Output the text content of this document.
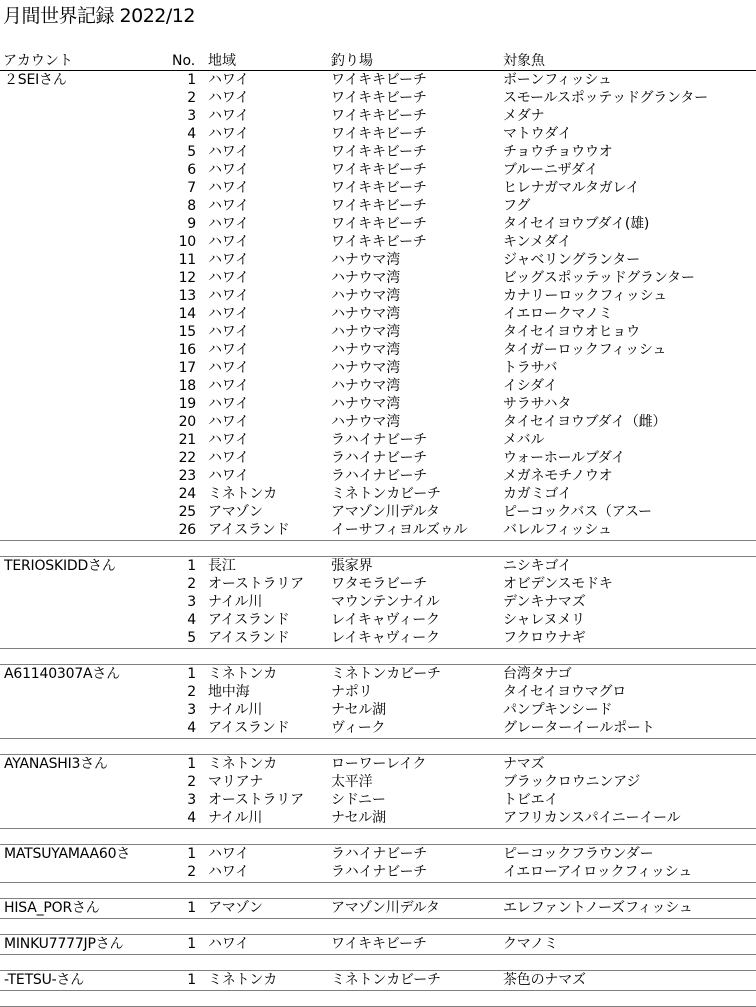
月間世界記録 2022/12
アカウント	No. 地域	釣り場	対象魚
２SEIさん	1 ハワイ	ワイキキビーチ	ボーンフィッシュ
2 ハワイ	ワイキキビーチ	スモールスポッテッドグランター
3 ハワイ	ワイキキビーチ	メダナ
4 ハワイ	ワイキキビーチ	マトウダイ
5 ハワイ	ワイキキビーチ	チョウチョウウオ
6 ハワイ	ワイキキビーチ	ブルーニザダイ
7 ハワイ	ワイキキビーチ	ヒレナガマルタガレイ
8 ハワイ	ワイキキビーチ	フグ
9 ハワイ	ワイキキビーチ	タイセイヨウブダイ(雄)
10 ハワイ	ワイキキビーチ	キンメダイ
11 ハワイ	ハナウマ湾	ジャベリングランター
12 ハワイ	ハナウマ湾	ビッグスポッテッドグランター
13 ハワイ	ハナウマ湾	カナリーロックフィッシュ
14 ハワイ	ハナウマ湾	イエロークマノミ
15 ハワイ	ハナウマ湾	タイセイヨウオヒョウ
16 ハワイ	ハナウマ湾	タイガーロックフィッシュ
17 ハワイ	ハナウマ湾	トラサバ
18 ハワイ	ハナウマ湾	イシダイ
19 ハワイ	ハナウマ湾	サラサハタ
20 ハワイ	ハナウマ湾	タイセイヨウブダイ（雌）
21 ハワイ	ラハイナビーチ	メバル
22 ハワイ	ラハイナビーチ	ウォーホールブダイ
23 ハワイ	ラハイナビーチ	メガネモチノウオ
24 ミネトンカ	ミネトンカビーチ	カガミゴイ
25 アマゾン	アマゾン川デルタ	ピーコックバス（アスー
26 アイスランド	イーサフィヨルズゥル	バレルフィッシュ
TERIOSKIDDさん	1 長江	張家界	ニシキゴイ
2 オーストラリア	ワタモラビーチ	オビデンスモドキ
3 ナイル川	マウンテンナイル	デンキナマズ
4 アイスランド	レイキャヴィーク	シャレヌメリ
5 アイスランド	レイキャヴィーク	フクロウナギ
A61140307Aさん	1 ミネトンカ	ミネトンカビーチ	台湾タナゴ
2 地中海	ナポリ	タイセイヨウマグロ
3 ナイル川	ナセル湖	パンプキンシード
4 アイスランド	ヴィーク	グレーターイールポート
AYANASHI3さん	1 ミネトンカ	ローワーレイク	ナマズ
2 マリアナ	太平洋	ブラックロウニンアジ
3 オーストラリア	シドニー	トビエイ
4 ナイル川	ナセル湖	アフリカンスパイニーイール
MATSUYAMAA60さ	1 ハワイ	ラハイナビーチ	ピーコックフラウンダー
2 ハワイ	ラハイナビーチ	イエローアイロックフィッシュ
HISA_PORさん	1 アマゾン	アマゾン川デルタ	エレファントノーズフィッシュ
MINKU7777JPさん	1 ハワイ	ワイキキビーチ	クマノミ
-TETSU-さん	1 ミネトンカ	ミネトンカビーチ	茶色のナマズ
